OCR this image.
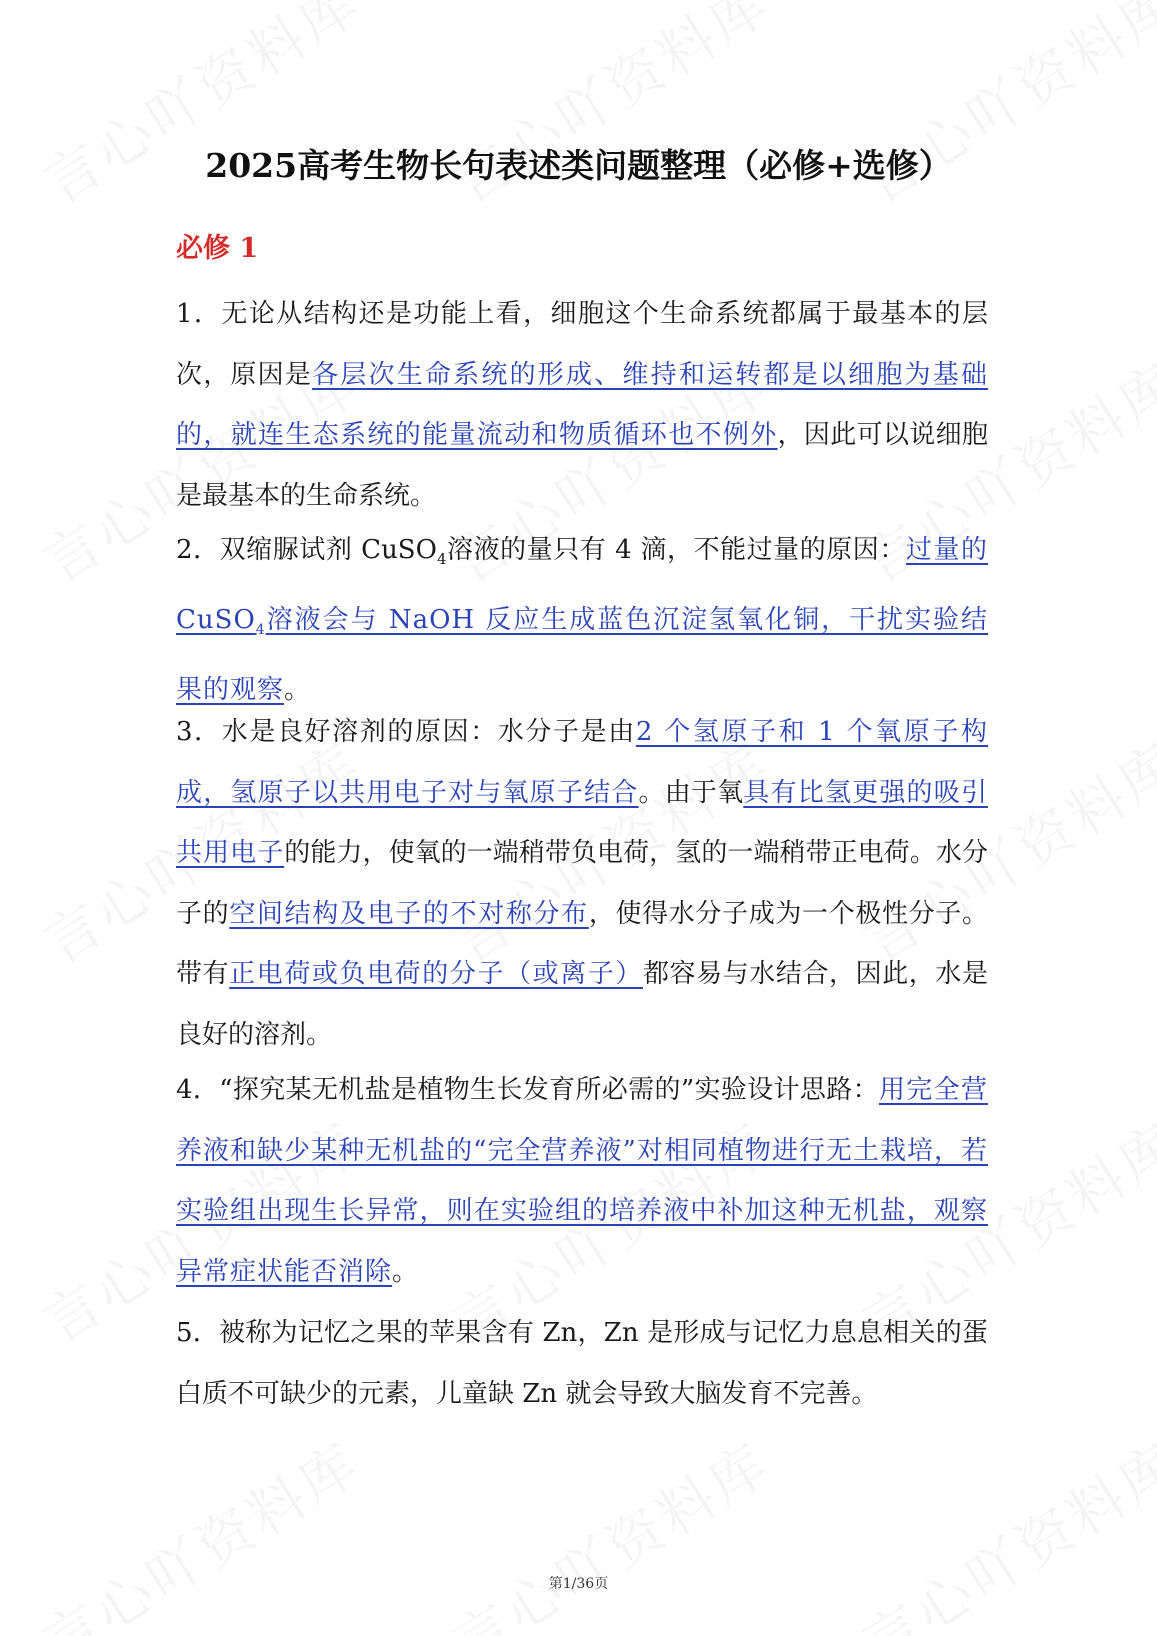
2025高考生物长句表述类问题整理（必修+选修）
必修 1

1．无论从结构还是功能上看，细胞这个生命系统都属于最基本的层次，原因是各层次生命系统的形成、维持和运转都是以细胞为基础的，就连生态系统的能量流动和物质循环也不例外，因此可以说细胞是最基本的生命系统。

2．双缩脲试剂 CuSO$_4$溶液的量只有 4 滴，不能过量的原因：过量的 CuSO$_4$溶液会与 NaOH 反应生成蓝色沉淀氢氧化铜，干扰实验结果的观察。

3．水是良好溶剂的原因：水分子是由2 个氢原子和 1 个氧原子构成，氢原子以共用电子对与氧原子结合。由于氧具有比氢更强的吸引共用电子的能力，使氧的一端稍带负电荷，氢的一端稍带正电荷。水分子的空间结构及电子的不对称分布，使得水分子成为一个极性分子。带有正电荷或负电荷的分子（或离子）都容易与水结合，因此，水是良好的溶剂。

4．“探究某无机盐是植物生长发育所必需的”实验设计思路：用完全营养液和缺少某种无机盐的“完全营养液”对相同植物进行无土栽培，若实验组出现生长异常，则在实验组的培养液中补加这种无机盐，观察异常症状能否消除。

5．被称为记忆之果的苹果含有 Zn，Zn 是形成与记忆力息息相关的蛋白质不可缺少的元素，儿童缺 Zn 就会导致大脑发育不完善。

第1/36页
